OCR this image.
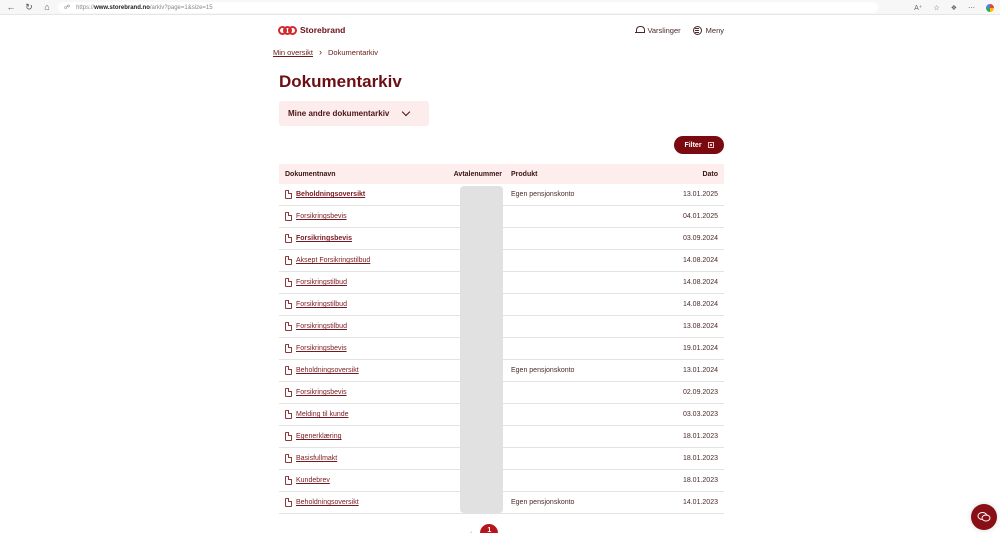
←	↻	⌂	☍ https:// www.storebrand.no /arkiv?page=1&size=15	A⁺ ☆ ❖ ⋯
Storebrand	Varslinger	Meny
Min oversikt › Dokumentarkiv
Dokumentarkiv
Mine andre dokumentarkiv
Filter
Dokumentnavn	Avtalenummer	Produkt	Dato
Beholdningsoversikt	Egen pensjonskonto	13.01.2025
Forsikringsbevis	04.01.2025
Forsikringsbevis	03.09.2024
Aksept Forsikringstilbud	14.08.2024
Forsikringstilbud	14.08.2024
Forsikringstilbud	14.08.2024
Forsikringstilbud	13.08.2024
Forsikringsbevis	19.01.2024
Beholdningsoversikt	Egen pensjonskonto	13.01.2024
Forsikringsbevis	02.09.2023
Melding til kunde	03.03.2023
Egenerklæring	18.01.2023
Basisfullmakt	18.01.2023
Kundebrev	18.01.2023
Beholdningsoversikt	Egen pensjonskonto	14.01.2023
‹	1
